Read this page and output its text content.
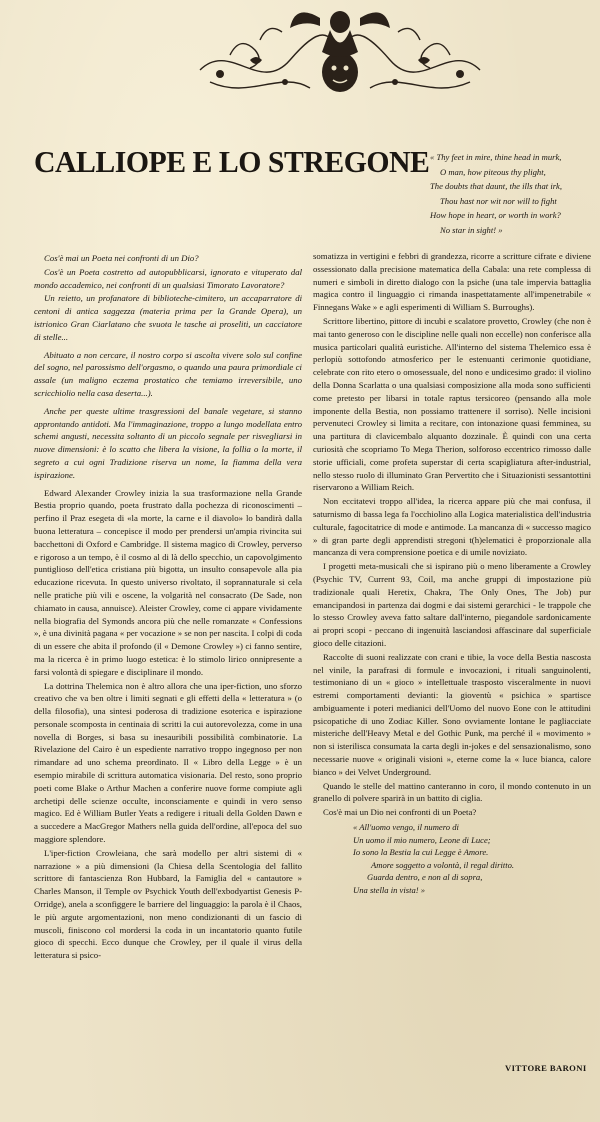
CALLIOPE E LO STREGONE « Thy feet in mire, thine head in murk,
O man, how piteous thy plight,
The doubts that daunt, the ills that irk,
Thou hast nor wit nor will to fight
How hope in heart, or worth in work?
No star in sight! »

Cos'è mai un Poeta nei confronti di un Dio?

Cos'è un Poeta costretto ad autopubblicarsi, ignorato e vituperato dal mondo accademico, nei confronti di un qualsiasi Timorato Lavoratore?

Un reietto, un profanatore di biblioteche-cimitero, un accaparratore di centoni di antica saggezza (materia prima per la Grande Opera), un istrionico Gran Ciarlatano che svuota le tasche ai proseliti, un cacciatore di stelle...

Abituato a non cercare, il nostro corpo si ascolta vivere solo sul confine del sogno, nel parossismo dell'orgasmo, o quando una paura primordiale ci assale (un maligno eczema prostatico che temiamo irreversibile, uno scricchiolio nella casa deserta...).

Anche per queste ultime trasgressioni del banale vegetare, si stanno approntando antidoti. Ma l'immaginazione, troppo a lungo modellata entro schemi angusti, necessita soltanto di un piccolo segnale per risvegliarsi in nuove dimensioni: è lo scatto che libera la visione, la follia o la morte, il segreto a cui ogni Tradizione riserva un nome, la fiamma della vera ispirazione.

Edward Alexander Crowley inizia la sua trasformazione nella Grande Bestia proprio quando, poeta frustrato dalla pochezza di riconoscimenti – perfino il Praz esegeta di «la morte, la carne e il diavolo» lo bandirà dalla buona letteratura – concepisce il modo per prendersi un'ampia rivincita sui bacchettoni di Oxford e Cambridge. Il sistema magico di Crowley, perverso e rigoroso a un tempo, è il cosmo al di là dello specchio, un capovolgimento puntiglioso dell'etica cristiana più bigotta, un insulto consapevole alla pia educazione ricevuta. In questo universo rivoltato, il soprannaturale si cela nelle pratiche più vili e oscene, la volgarità nel consacrato (De Sade, non chiamato in causa, annuisce). Aleister Crowley, come ci appare vividamente nella biografia del Symonds ancora più che nelle romanzate « Confessions », è una divinità pagana « per vocazione » se non per nascita. I colpi di coda di un essere che abita il profondo (il « Demone Crowley ») ci fanno sentire, ma la ricerca è in primo luogo estetica: è lo stimolo lirico onnipresente a farsi volontà di spiegare e disciplinare il mondo.

La dottrina Thelemica non è altro allora che una iper-fiction, uno sforzo creativo che va ben oltre i limiti segnati e gli effetti della « letteratura » (o della filosofia), una sintesi poderosa di tradizione esoterica e ispirazione personale scomposta in centinaia di scritti la cui autorevolezza, come in una novella di Borges, si basa su inesauribili possibilità combinatorie. La Rivelazione del Cairo è un espediente narrativo troppo ingegnoso per non rimandare ad uno schema preordinato. Il « Libro della Legge » è un esempio mirabile di scrittura automatica visionaria. Del resto, sono proprio poeti come Blake o Arthur Machen a conferire nuove forme compiute agli archetipi delle scienze occulte, inconsciamente e quindi in vero senso magico. Ed è William Butler Yeats a redigere i rituali della Golden Dawn e a succedere a MacGregor Mathers nella guida dell'ordine, all'epoca del suo maggiore splendore.

L'iper-fiction Crowleiana, che sarà modello per altri sistemi di « narrazione » a più dimensioni (la Chiesa della Scentologia del fallito scrittore di fantascienza Ron Hubbard, la Famiglia del « cantautore » Charles Manson, il Temple ov Psychick Youth dell'exbodyartist Genesis P-Orridge), anela a sconfiggere le barriere del linguaggio: la parola è il Chaos, le più argute argomentazioni, non meno condizionanti di un fascio di muscoli, finiscono col mordersi la coda in un incantatorio quanto futile gioco di specchi. Ecco dunque che Crowley, per il quale il virus della letteratura si psico-

somatizza in vertigini e febbri di grandezza, ricorre a scritture cifrate e diviene ossessionato dalla precisione matematica della Cabala: una rete complessa di numeri e simboli in diretto dialogo con la psiche (una tale impervia battaglia magica contro il linguaggio ci rimanda inaspettatamente all'impenetrabile « Finnegans Wake » e agli esperimenti di William S. Burroughs).

Scrittore libertino, pittore di incubi e scalatore provetto, Crowley (che non è mai tanto generoso con le discipline nelle quali non eccelle) non conferisce alla musica particolari qualità euristiche. All'interno del sistema Thelemico essa è perlopiù sottofondo atmosferico per le estenuanti cerimonie quotidiane, celebrate con rito etero o omosessuale, del nono e undicesimo grado: il violino della Donna Scarlatta o una qualsiasi composizione alla moda sono sufficienti come pretesto per libarsi in totale raptus tersicoreo (pensando alla mole imponente della Bestia, non possiamo trattenere il sorriso). Nelle incisioni pervenuteci Crowley si limita a recitare, con intonazione quasi femminea, su una partitura di clavicembalo alquanto dozzinale. È quindi con una certa curiosità che scopriamo To Mega Therion, solforoso eccentrico rimosso dalle storie ufficiali, come profeta superstar di certa scapigliatura after-industrial, nello stesso ruolo di illuminato Gran Pervertito che i Situazionisti sessantottini riservarono a William Reich.

Non eccitatevi troppo all'idea, la ricerca appare più che mai confusa, il saturnismo di bassa lega fa l'occhiolino alla Logica materialistica dell'industria culturale, fagocitatrice di mode e antimode. La mancanza di « successo magico » di gran parte degli apprendisti stregoni t(h)elematici è proporzionale alla mancanza di vera comprensione poetica e di umile noviziato.

I progetti meta-musicali che si ispirano più o meno liberamente a Crowley (Psychic TV, Current 93, Coil, ma anche gruppi di impostazione più tradizionale quali Heretix, Chakra, The Only Ones, The Job) pur emancipandosi in partenza dai dogmi e dai sistemi gerarchici - le trappole che lo stesso Crowley aveva fatto saltare dall'interno, piegandole sardonicamente ai propri scopi - peccano di ingenuità lasciandosi affascinare dal superficiale gioco delle citazioni.

Raccolte di suoni realizzate con crani e tibie, la voce della Bestia nascosta nel vinile, la parafrasi di formule e invocazioni, i rituali sanguinolenti, testimoniano di un « gioco » intellettuale trasposto visceralmente in nuovi estremi comportamenti devianti: la gioventù « psichica » spartisce ambiguamente i poteri medianici dell'Uomo del nuovo Eone con le attitudini psicopatiche di uno Zodiac Killer. Sono ovviamente lontane le pagliacciate misteriche dell'Heavy Metal e del Gothic Punk, ma perché il « movimento » non si isterilisca consumata la carta degli in-jokes e del sensazionalismo, sono necessarie nuove « originali visioni », eterne come la « luce bianca, calore bianco » dei Velvet Underground.

Quando le stelle del mattino canteranno in coro, il mondo contenuto in un granello di polvere sparirà in un battito di ciglia.

Cos'è mai un Dio nei confronti di un Poeta?

« All'uomo vengo, il numero di
Un uomo il mio numero, Leone di Luce;
Io sono la Bestia la cui Legge è Amore.
Amore soggetto a volontà, il regal diritto.
Guarda dentro, e non al di sopra,
Una stella in vista! »
VITTORE BARONI
